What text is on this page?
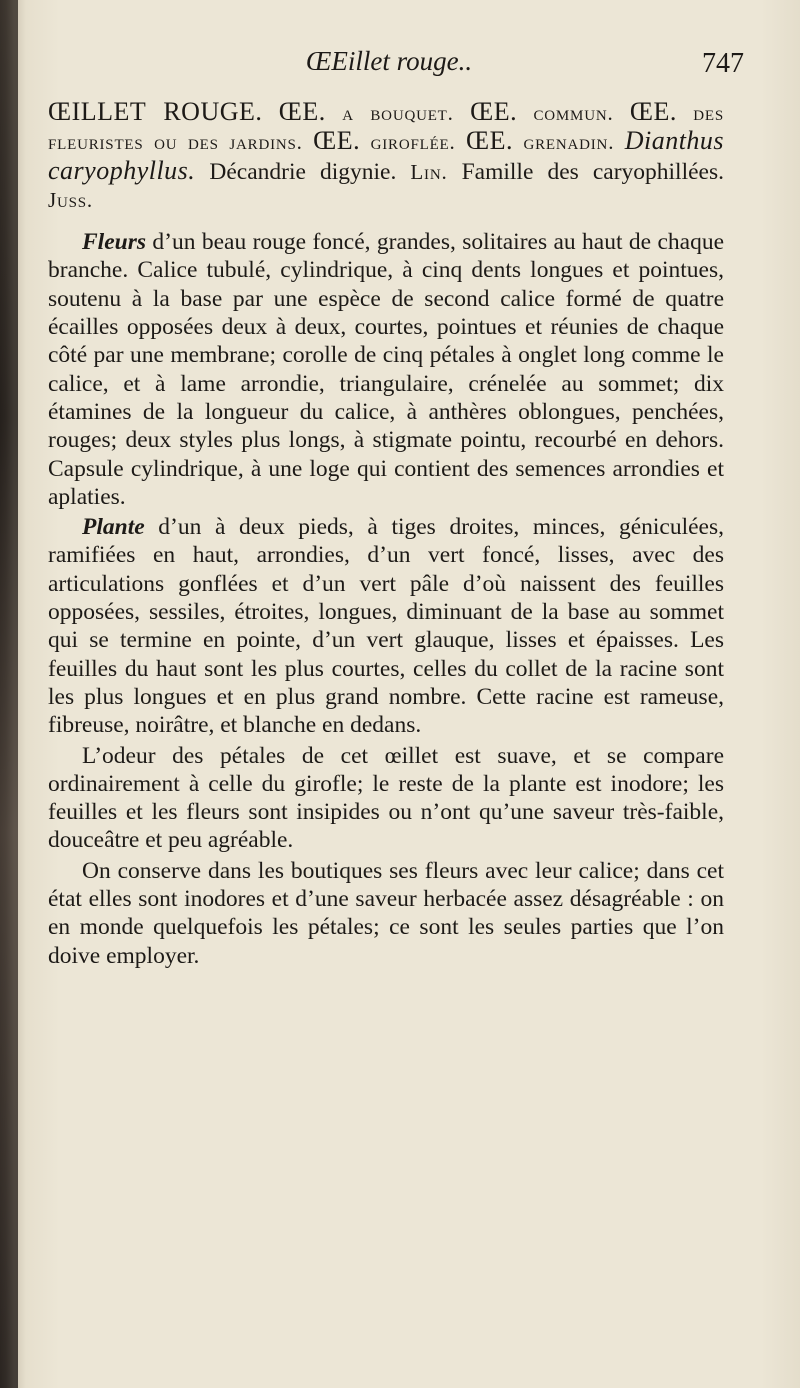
ŒEillet rouge..	747

ŒILLET ROUGE. ŒE. a bouquet. ŒE. commun. ŒE. des fleuristes ou des jardins. ŒE. giroflée. ŒE. grenadin. Dianthus caryophyllus. Décandrie digynie. Lin. Famille des caryophillées. Juss.

Fleurs d’un beau rouge foncé, grandes, solitaires au haut de chaque branche. Calice tubulé, cylindrique, à cinq dents longues et pointues, soutenu à la base par une espèce de second calice formé de quatre écailles opposées deux à deux, courtes, pointues et réunies de chaque côté par une membrane; corolle de cinq pétales à onglet long comme le calice, et à lame arrondie, triangulaire, crénelée au sommet; dix étamines de la longueur du calice, à anthères oblongues, penchées, rouges; deux styles plus longs, à stigmate pointu, recourbé en dehors. Capsule cylindrique, à une loge qui contient des semences arrondies et aplaties.

Plante d’un à deux pieds, à tiges droites, minces, géniculées, ramifiées en haut, arrondies, d’un vert foncé, lisses, avec des articulations gonflées et d’un vert pâle d’où naissent des feuilles opposées, sessiles, étroites, longues, diminuant de la base au sommet qui se termine en pointe, d’un vert glauque, lisses et épaisses. Les feuilles du haut sont les plus courtes, celles du collet de la racine sont les plus longues et en plus grand nombre. Cette racine est rameuse, fibreuse, noirâtre, et blanche en dedans.

L’odeur des pétales de cet œillet est suave, et se compare ordinairement à celle du girofle; le reste de la plante est inodore; les feuilles et les fleurs sont insipides ou n’ont qu’une saveur très-faible, douceâtre et peu agréable.

On conserve dans les boutiques ses fleurs avec leur calice; dans cet état elles sont inodores et d’une saveur herbacée assez désagréable : on en monde quelquefois les pétales; ce sont les seules parties que l’on doive employer.
